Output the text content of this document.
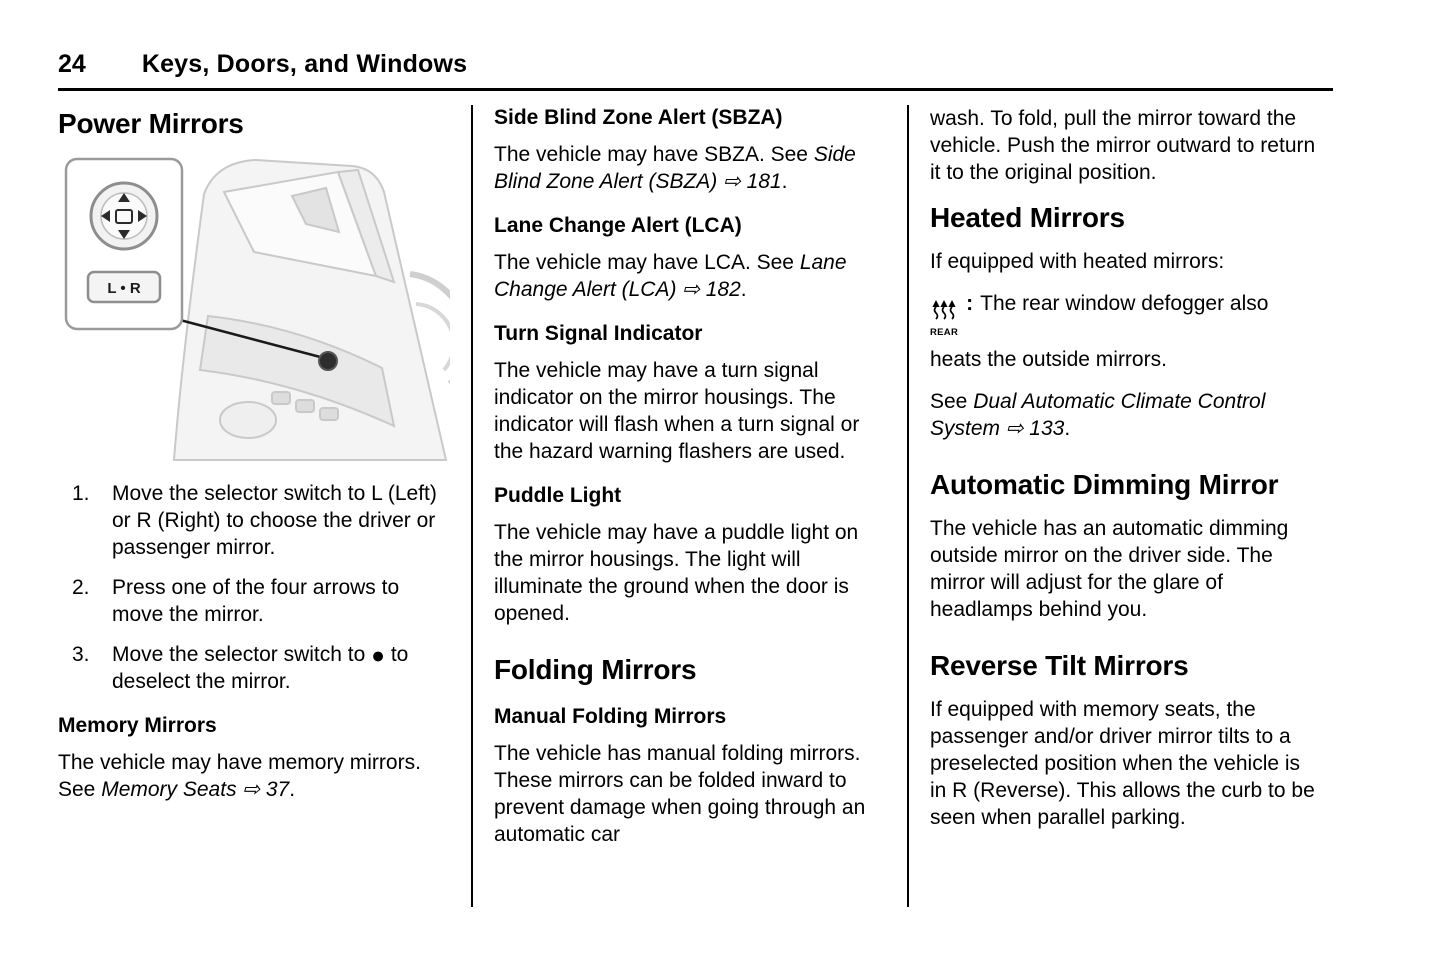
24 Keys, Doors, and Windows
Power Mirrors
L • R
1.	Move the selector switch to L (Left) or R (Right) to choose the driver or passenger mirror.
2.	Press one of the four arrows to move the mirror.
3.	Move the selector switch to ● to deselect the mirror.
Memory Mirrors

The vehicle may have memory mirrors. See Memory Seats ⇨ 37.

Side Blind Zone Alert (SBZA)

The vehicle may have SBZA. See Side Blind Zone Alert (SBZA) ⇨ 181.

Lane Change Alert (LCA)

The vehicle may have LCA. See Lane Change Alert (LCA) ⇨ 182.

Turn Signal Indicator

The vehicle may have a turn signal indicator on the mirror housings. The indicator will flash when a turn signal or the hazard warning flashers are used.

Puddle Light

The vehicle may have a puddle light on the mirror housings. The light will illuminate the ground when the door is opened.

Folding Mirrors
Manual Folding Mirrors

The vehicle has manual folding mirrors. These mirrors can be folded inward to prevent damage when going through an automatic car

wash. To fold, pull the mirror toward the vehicle. Push the mirror outward to return it to the original position.

Heated Mirrors

If equipped with heated mirrors:

REAR
: The rear window defogger also heats the outside mirrors.

See Dual Automatic Climate Control System ⇨ 133.

Automatic Dimming Mirror

The vehicle has an automatic dimming outside mirror on the driver side. The mirror will adjust for the glare of headlamps behind you.

Reverse Tilt Mirrors

If equipped with memory seats, the passenger and/or driver mirror tilts to a preselected position when the vehicle is in R (Reverse). This allows the curb to be seen when parallel parking.
